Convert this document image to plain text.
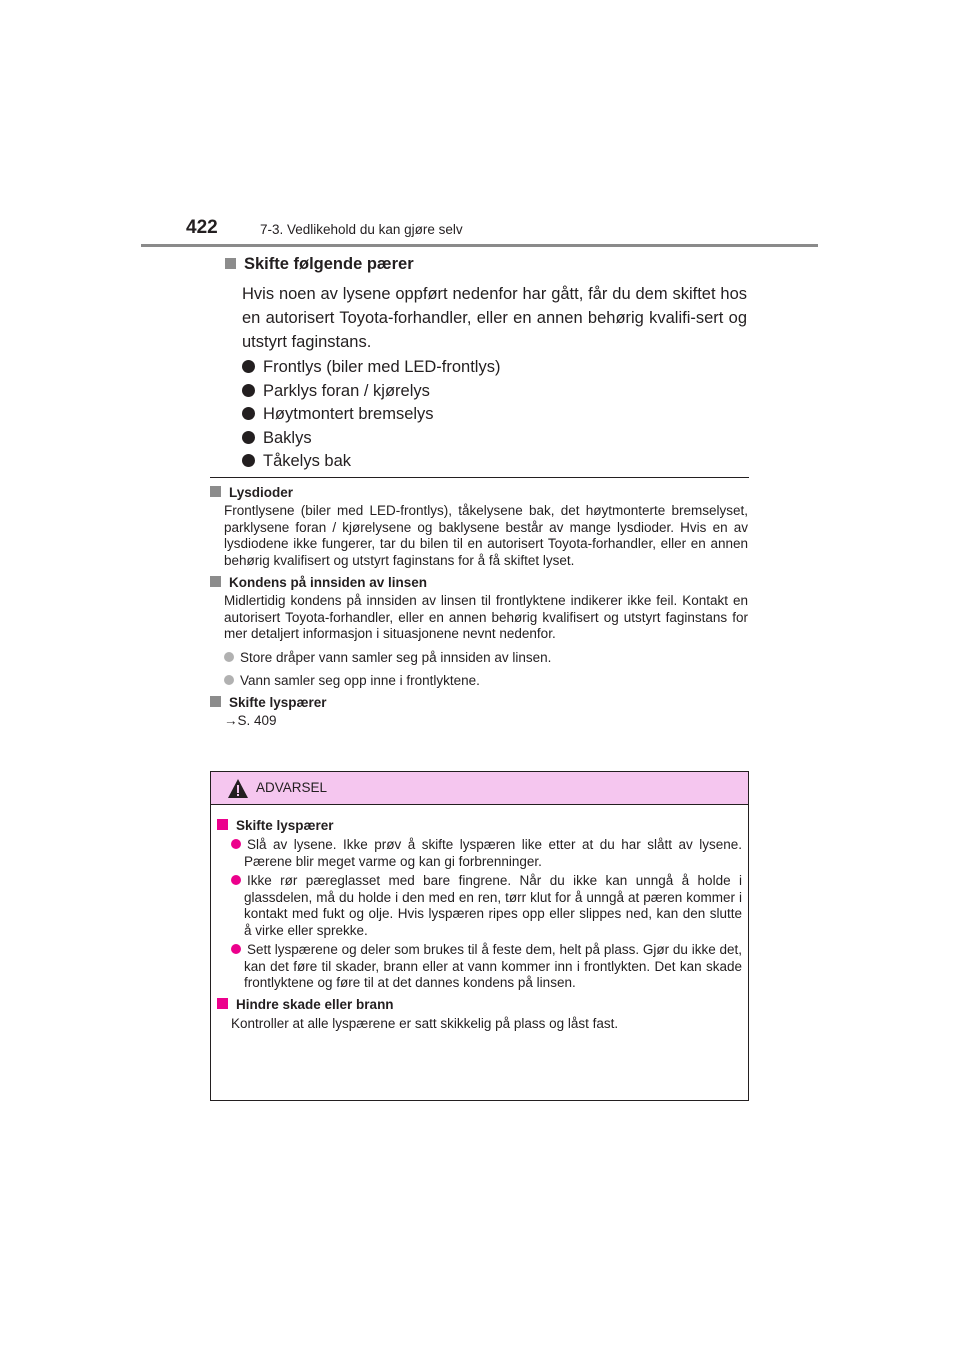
422	7-3. Vedlikehold du kan gjøre selv
Skifte følgende pærer

Hvis noen av lysene oppført nedenfor har gått, får du dem skiftet hos en autorisert Toyota-forhandler, eller en annen behørig kvalifi-sert og utstyrt faginstans.

Frontlys (biler med LED-frontlys)
Parklys foran / kjørelys
Høytmontert bremselys
Baklys
Tåkelys bak
Lysdioder
Frontlysene (biler med LED-frontlys), tåkelysene bak, det høytmonterte bremselyset, parklysene foran / kjørelysene og baklysene består av mange lysdioder. Hvis en av lysdiodene ikke fungerer, tar du bilen til en autorisert Toyota-forhandler, eller en annen behørig kvalifisert og utstyrt faginstans for å få skiftet lyset.
Kondens på innsiden av linsen
Midlertidig kondens på innsiden av linsen til frontlyktene indikerer ikke feil. Kontakt en autorisert Toyota-forhandler, eller en annen behørig kvalifisert og utstyrt faginstans for mer detaljert informasjon i situasjonene nevnt nedenfor.
Store dråper vann samler seg på innsiden av linsen.
Vann samler seg opp inne i frontlyktene.
Skifte lyspærer
→S. 409
ADVARSEL
Skifte lyspærer
Slå av lysene. Ikke prøv å skifte lyspæren like etter at du har slått av lysene. Pærene blir meget varme og kan gi forbrenninger.
Ikke rør pæreglasset med bare fingrene. Når du ikke kan unngå å holde i glassdelen, må du holde i den med en ren, tørr klut for å unngå at pæren kommer i kontakt med fukt og olje. Hvis lyspæren ripes opp eller slippes ned, kan den slutte å virke eller sprekke.
Sett lyspærene og deler som brukes til å feste dem, helt på plass. Gjør du ikke det, kan det føre til skader, brann eller at vann kommer inn i frontlykten. Det kan skade frontlyktene og føre til at det dannes kondens på linsen.
Hindre skade eller brann
Kontroller at alle lyspærene er satt skikkelig på plass og låst fast.
